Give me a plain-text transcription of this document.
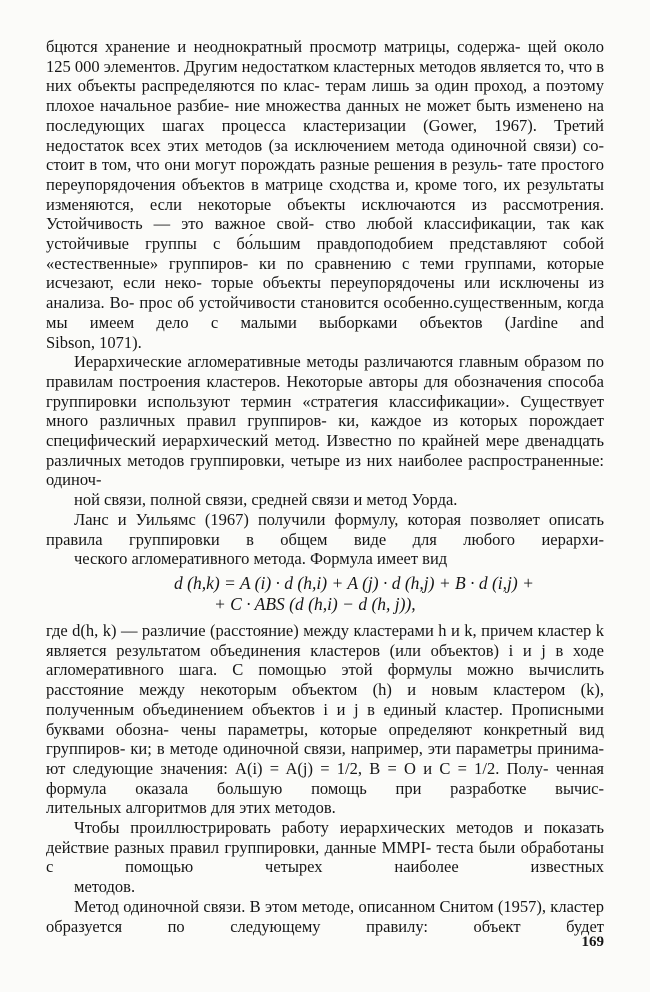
бцются хранение и неоднократный просмотр матрицы, содержа- щей около 125 000 элементов. Другим недостатком кластерных методов является то, что в них объекты распределяются по клас- терам лишь за один проход, а поэтому плохое начальное разбие- ние множества данных не может быть изменено на последующих шагах процесса кластеризации (Gower, 1967). Третий недостаток всех этих методов (за исключением метода одиночной связи) со- стоит в том, что они могут порождать разные решения в резуль- тате простого переупорядочения объектов в матрице сходства и, кроме того, их результаты изменяются, если некоторые объекты исключаются из рассмотрения. Устойчивость — это важное свой- ство любой классификации, так как устойчивые группы с бо́льшим правдоподобием представляют собой «естественные» группиров- ки по сравнению с теми группами, которые исчезают, если неко- торые объекты переупорядочены или исключены из анализа. Во- прос об устойчивости становится особенно.существенным, когда мы имеем дело с малыми выборками объектов (Jardine and
Sibson, 1071).

Иерархические агломеративные методы различаются главным образом по правилам построения кластеров. Некоторые авторы для обозначения способа группировки используют термин «стратегия классификации». Существует много различных правил группиров- ки, каждое из которых порождает специфический иерархический метод. Известно по крайней мере двенадцать различных методов группировки, четыре из них наиболее распространенные: одиноч-
ной связи, полной связи, средней связи и метод Уорда.

Ланс и Уильямс (1967) получили формулу, которая позволяет описать правила группировки в общем виде для любого иерархи-
ческого агломеративного метода. Формула имеет вид

d (h,k) = A (i) · d (h,i) + A (j) · d (h,j) + B · d (i,j) +
+ C · ABS (d (h,i) − d (h, j)),

где d(h, k) — различие (расстояние) между кластерами h и k, причем кластер k является результатом объединения кластеров (или объектов) i и j в ходе агломеративного шага. С помощью этой формулы можно вычислить расстояние между некоторым объектом (h) и новым кластером (k), полученным объединением объектов i и j в единый кластер. Прописными буквами обозна- чены параметры, которые определяют конкретный вид группиров- ки; в методе одиночной связи, например, эти параметры принима- ют следующие значения: A(i) = A(j) = 1/2, B = O и C = 1/2. Полу- ченная формула оказала большую помощь при разработке вычис-
лительных алгоритмов для этих методов.

Чтобы проиллюстрировать работу иерархических методов и показать действие разных правил группировки, данные MMPI- теста были обработаны с помощью четырех наиболее известных
методов.

Метод одиночной связи. В этом методе, описанном Снитом (1957), кластер образуется по следующему правилу: объект будет

169
